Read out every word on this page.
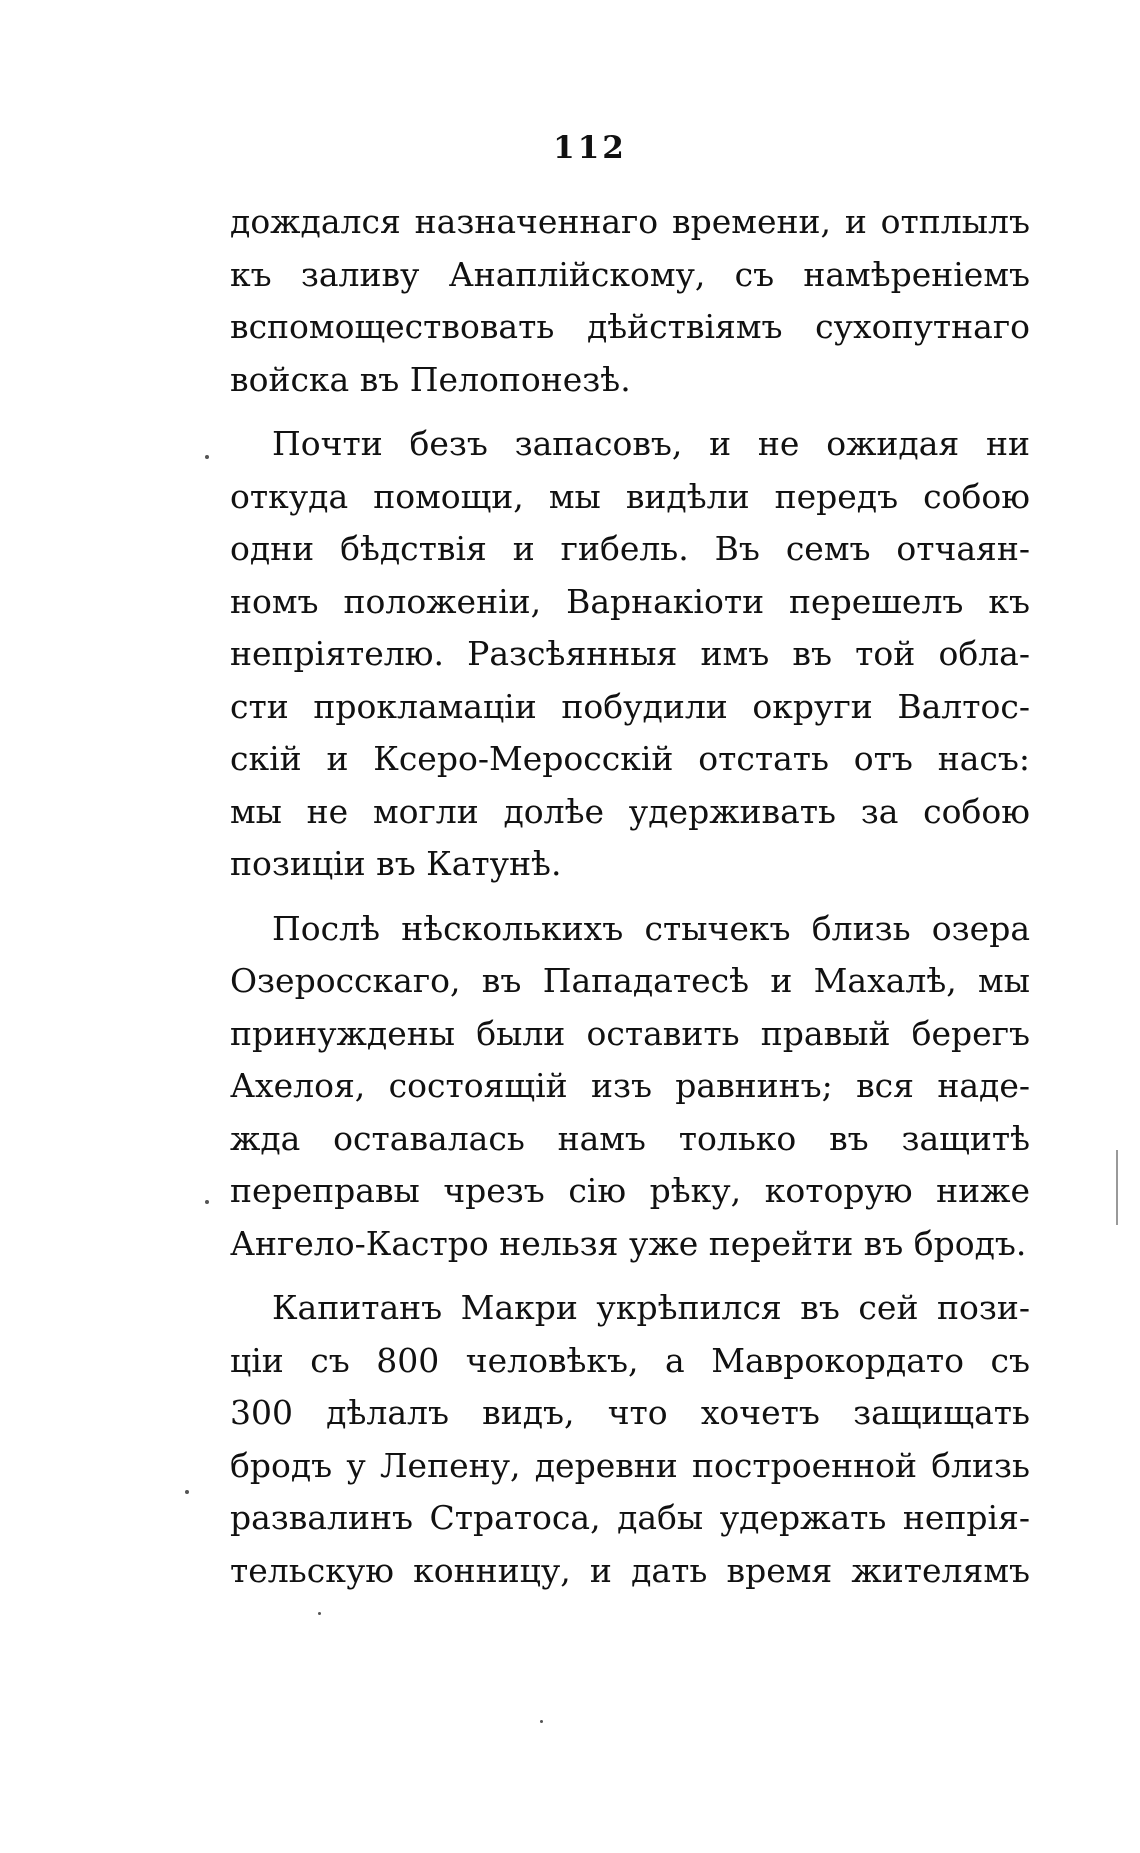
112
дождался назначеннаго времени, и отплылъ
къ заливу Анаплійскому, съ намѣреніемъ
вспомоществовать дѣйствіямъ сухопутнаго
войска въ Пелопонезѣ.
Почти безъ запасовъ, и не ожидая ни
откуда помощи, мы видѣли передъ собою
одни бѣдствія и гибель. Въ семъ отчаян-
номъ положеніи, Варнакіоти перешелъ къ
непріятелю. Разсѣянныя имъ въ той обла-
сти прокламаціи побудили округи Валтос-
скій и Ксеро-Меросскій отстать отъ насъ:
мы не могли долѣе удерживать за собою
позиціи въ Катунѣ.
Послѣ нѣсколькихъ стычекъ близь озера
Озеросскаго, въ Пападатесѣ и Махалѣ, мы
принуждены были оставить правый берегъ
Ахелоя, состоящій изъ равнинъ; вся наде-
жда оставалась намъ только въ защитѣ
переправы чрезъ сію рѣку, которую ниже
Ангело-Кастро нельзя уже перейти въ бродъ.
Капитанъ Макри укрѣпился въ сей пози-
ціи съ 800 человѣкъ, а Маврокордато съ
300 дѣлалъ видъ, что хочетъ защищать
бродъ у Лепену, деревни построенной близь
развалинъ Стратоса, дабы удержать непрія-
тельскую конницу, и дать время жителямъ
